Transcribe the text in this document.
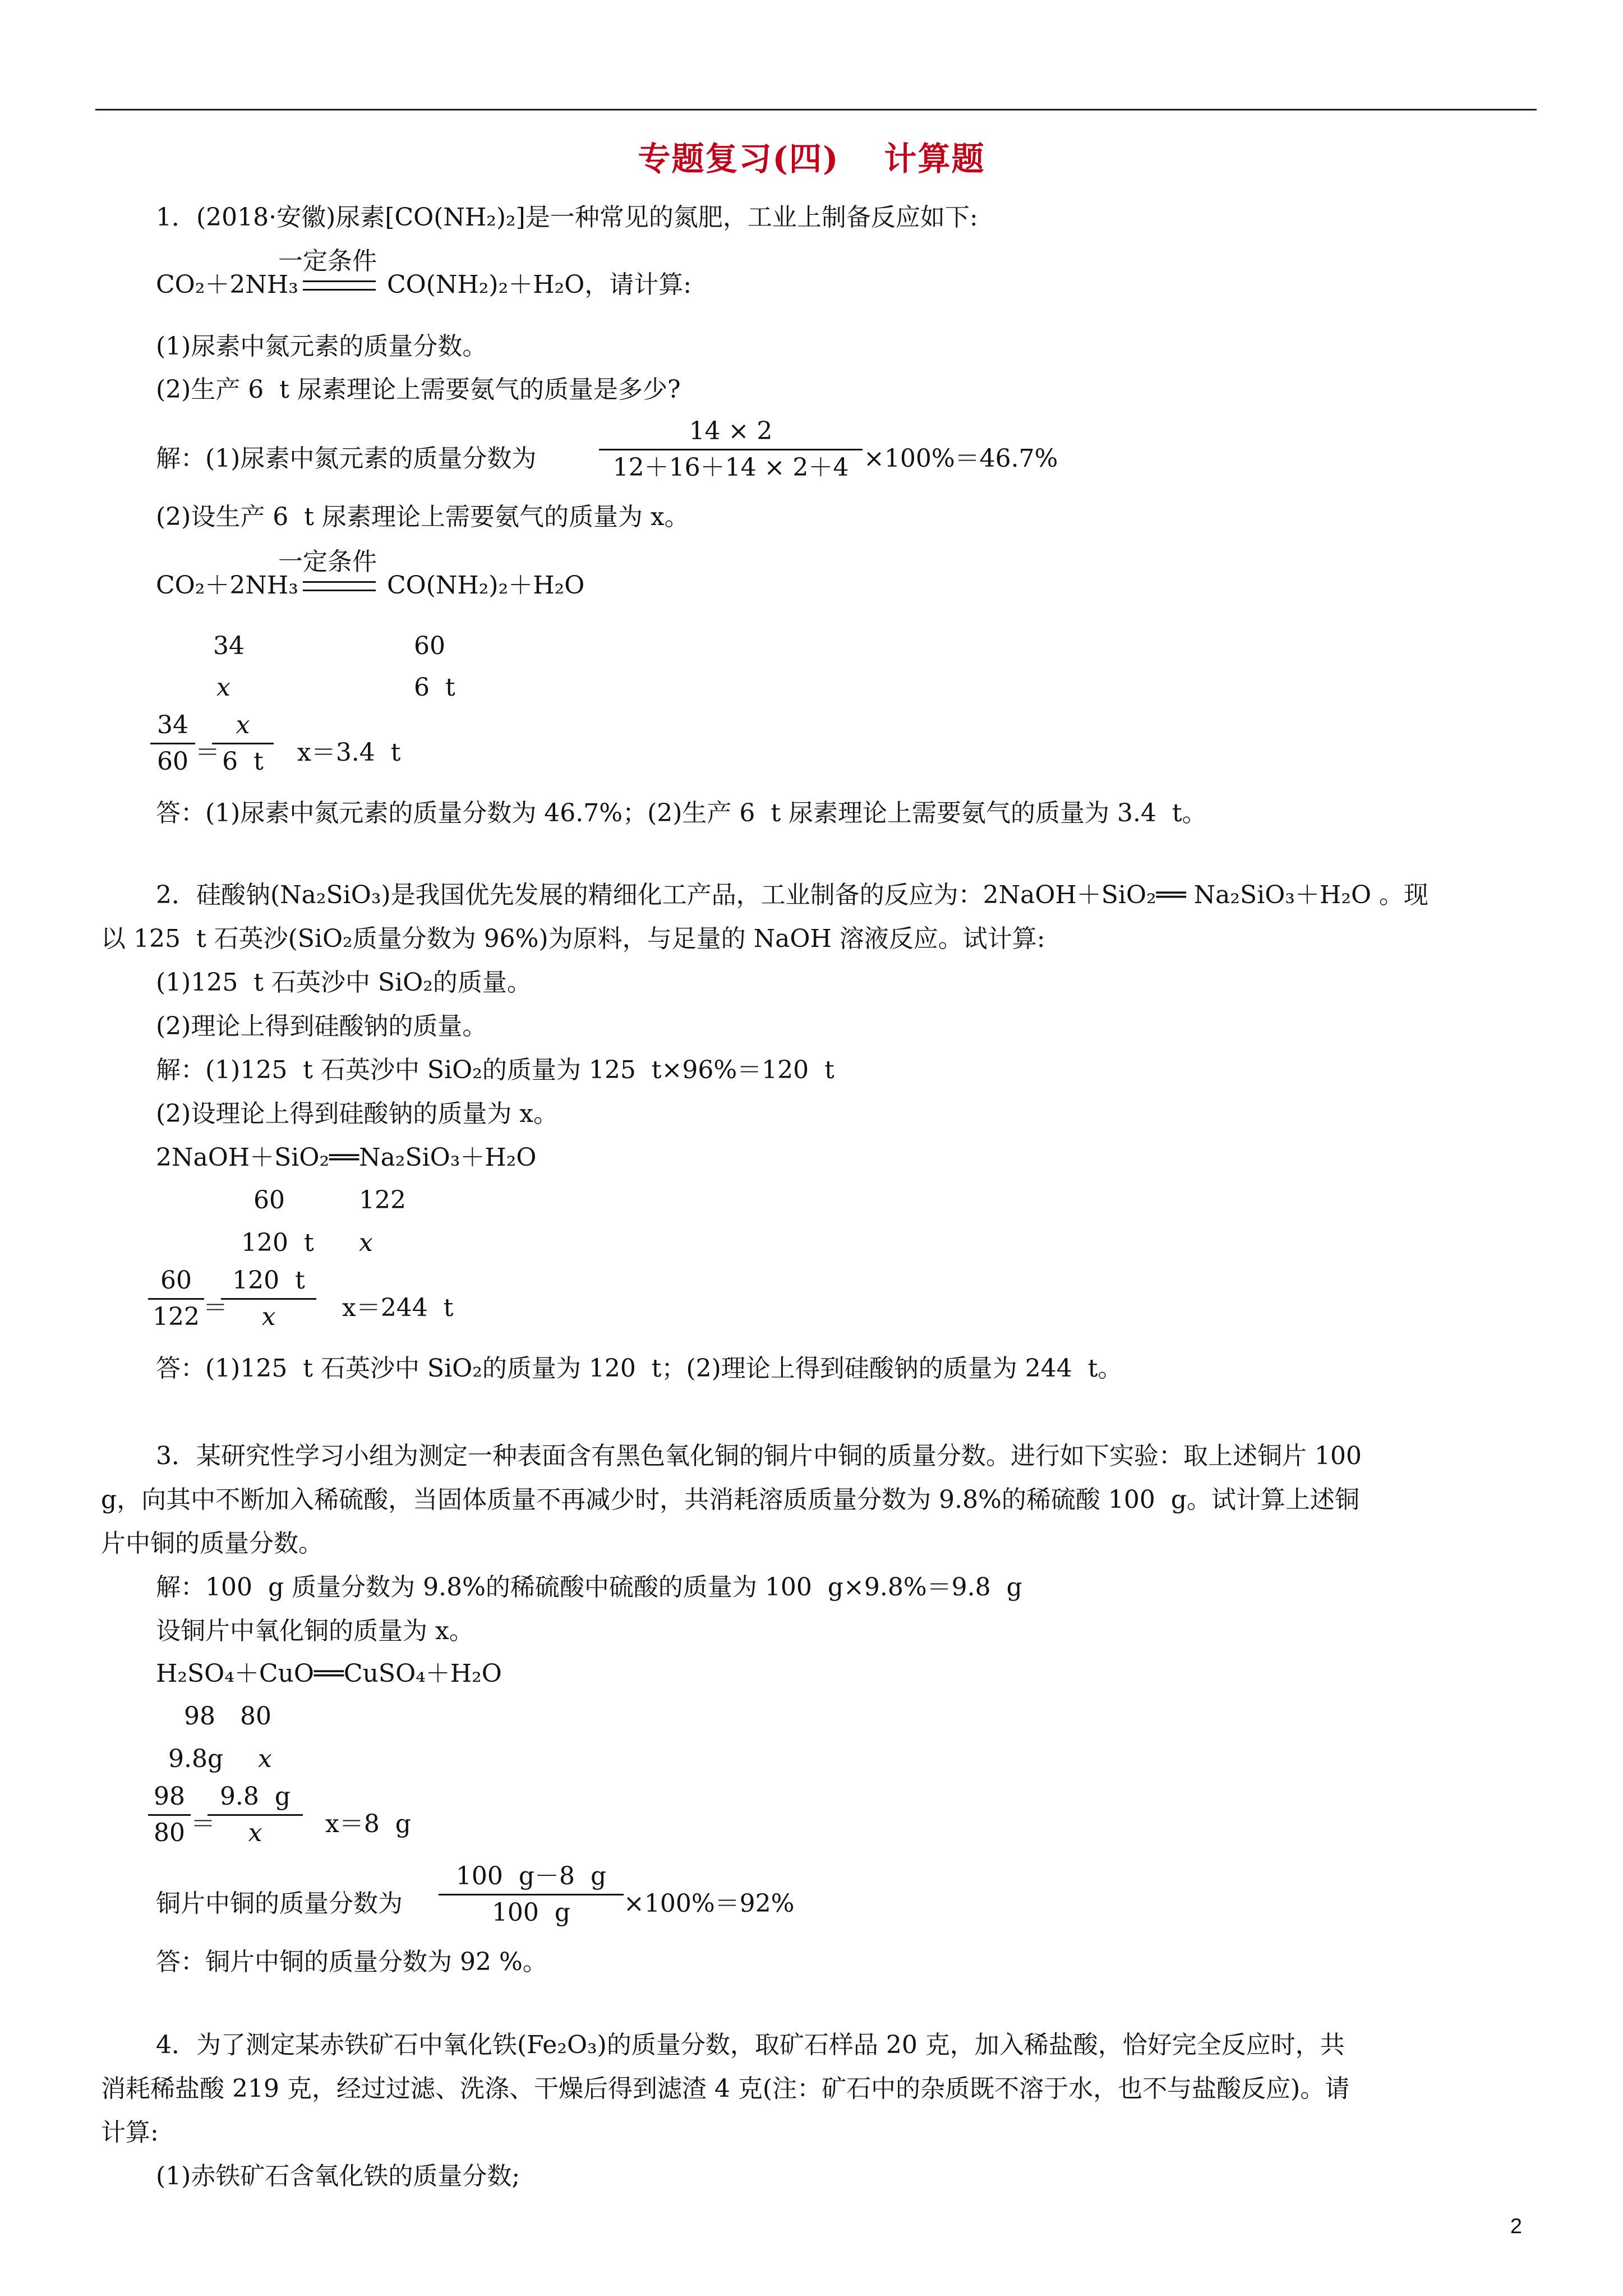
专题复习(四) 计算题
1．(2018·安徽)尿素[CO(NH₂)₂]是一种常见的氮肥，工业上制备反应如下:
一定条件
CO₂＋2NH₃	CO(NH₂)₂＋H₂O，请计算:
(1)尿素中氮元素的质量分数。
(2)生产 6  t 尿素理论上需要氨气的质量是多少?
解：(1)尿素中氮元素的质量分数为	$\frac{14 \times 2}{12+16+14 \times 2+4} \times 100\%=46.7\%$
(2)设生产 6  t 尿素理论上需要氨气的质量为 x。
一定条件
CO₂＋2NH₃	CO(NH₂)₂＋H₂O
34	60
x	6  t
$\frac{34}{60}$ ＝
$\frac{x}{6 t} x=3.4$  t
答：(1)尿素中氮元素的质量分数为 46.7%；(2)生产 6  t 尿素理论上需要氨气的质量为 3.4  t。
2．硅酸钠(Na₂SiO₃)是我国优先发展的精细化工产品，工业制备的反应为：2NaOH＋SiO₂══ Na₂SiO₃＋H₂O 。现
以 125  t 石英沙(SiO₂质量分数为 96%)为原料，与足量的 NaOH 溶液反应。试计算:
(1)125  t 石英沙中 SiO₂的质量。
(2)理论上得到硅酸钠的质量。
解：(1)125  t 石英沙中 SiO₂的质量为 125  t×96%＝120  t
(2)设理论上得到硅酸钠的质量为 x。
2NaOH＋SiO₂══Na₂SiO₃＋H₂O
60	122
120  t x
$\frac{60}{122}$
＝
$\frac{120 t}{x} x=244$  t
答：(1)125  t 石英沙中 SiO₂的质量为 120  t；(2)理论上得到硅酸钠的质量为 244  t。
3．某研究性学习小组为测定一种表面含有黑色氧化铜的铜片中铜的质量分数。进行如下实验：取上述铜片 100
g，向其中不断加入稀硫酸，当固体质量不再减少时，共消耗溶质质量分数为 9.8%的稀硫酸 100  g。试计算上述铜
片中铜的质量分数。
解：100  g 质量分数为 9.8%的稀硫酸中硫酸的质量为 100  g×9.8%＝9.8  g
设铜片中氧化铜的质量为 x。
H₂SO₄＋CuO══CuSO₄＋H₂O
98 80
9.8g x
$\frac{98}{80}$ ＝
$\frac{9.8 g}{x} x=8$  g
铜片中铜的质量分数为 $\frac{100 g-8 g}{100 g} \times 100\%=92\%$
答：铜片中铜的质量分数为 92 %。
4．为了测定某赤铁矿石中氧化铁(Fe₂O₃)的质量分数，取矿石样品 20 克，加入稀盐酸，恰好完全反应时，共
消耗稀盐酸 219 克，经过过滤、洗涤、干燥后得到滤渣 4 克(注：矿石中的杂质既不溶于水，也不与盐酸反应)。请
计算:
(1)赤铁矿石含氧化铁的质量分数;
2
